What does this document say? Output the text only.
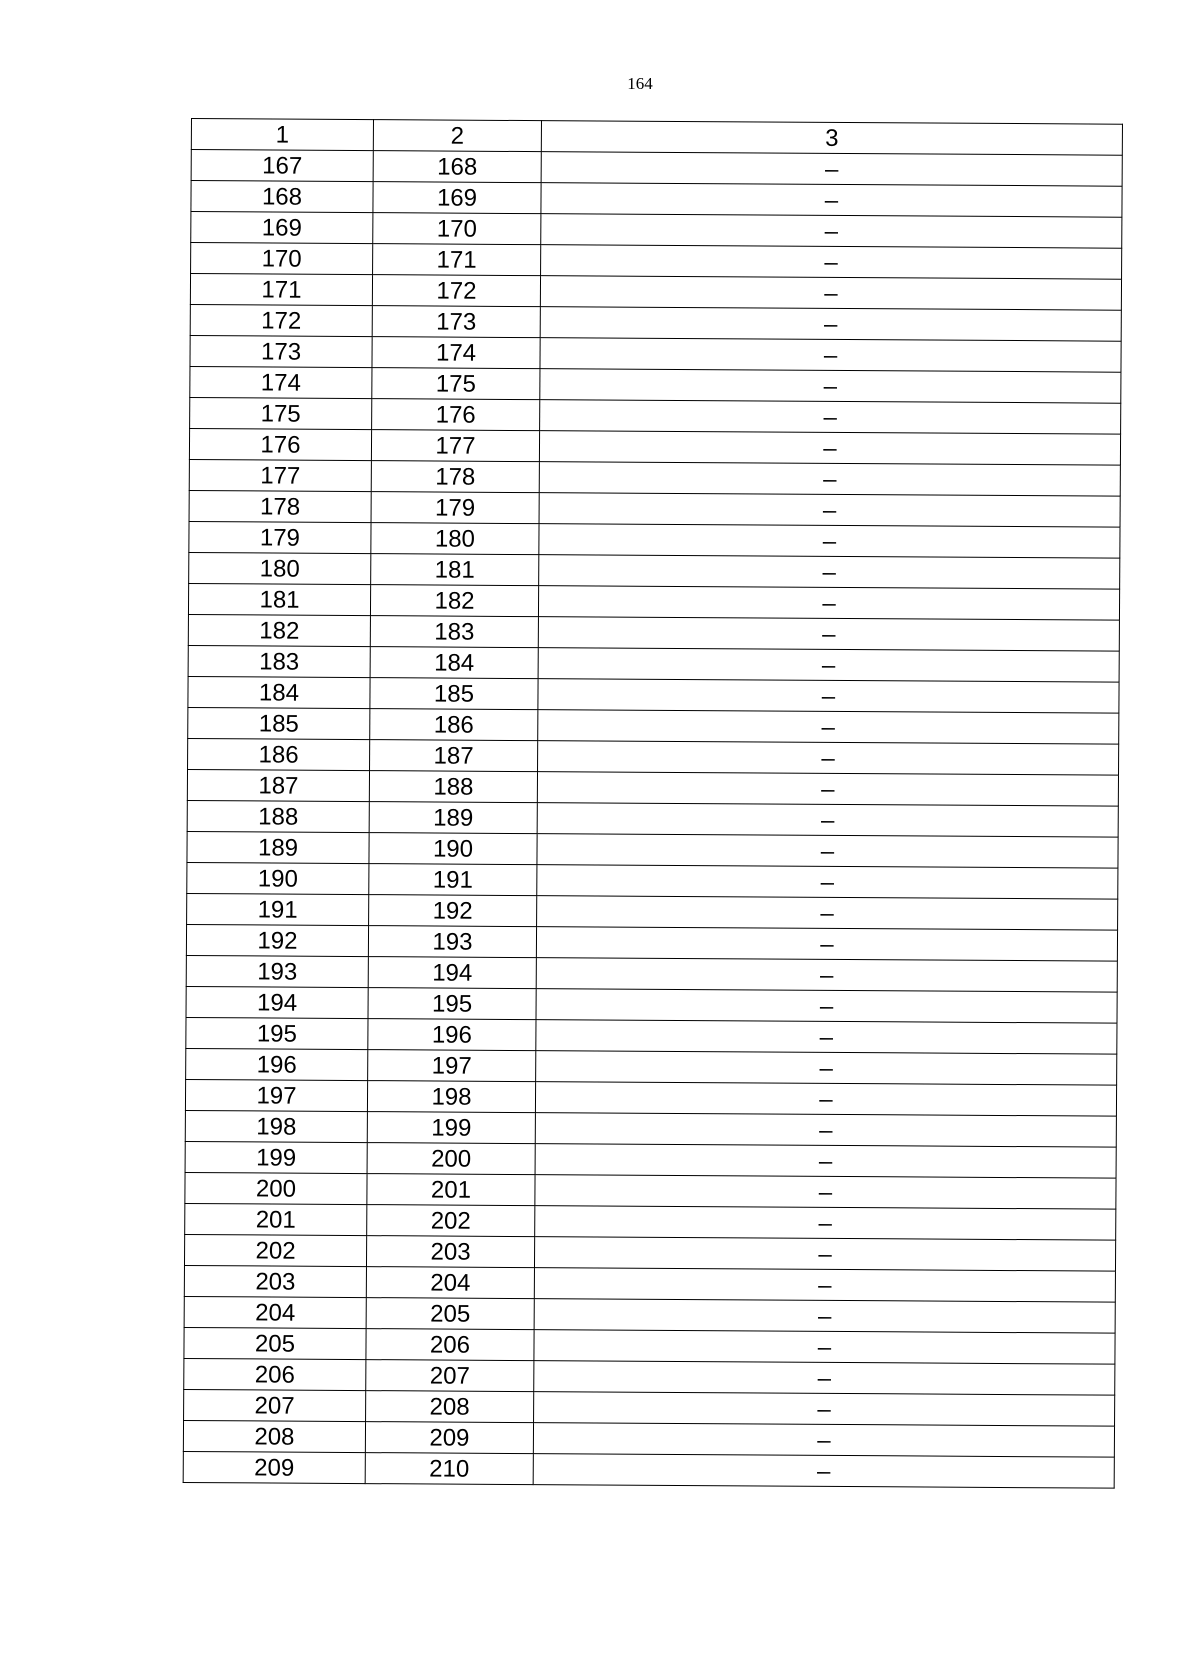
164
1	2	3
167	168	–
168	169	–
169	170	–
170	171	–
171	172	–
172	173	–
173	174	–
174	175	–
175	176	–
176	177	–
177	178	–
178	179	–
179	180	–
180	181	–
181	182	–
182	183	–
183	184	–
184	185	–
185	186	–
186	187	–
187	188	–
188	189	–
189	190	–
190	191	–
191	192	–
192	193	–
193	194	–
194	195	–
195	196	–
196	197	–
197	198	–
198	199	–
199	200	–
200	201	–
201	202	–
202	203	–
203	204	–
204	205	–
205	206	–
206	207	–
207	208	–
208	209	–
209	210	–
